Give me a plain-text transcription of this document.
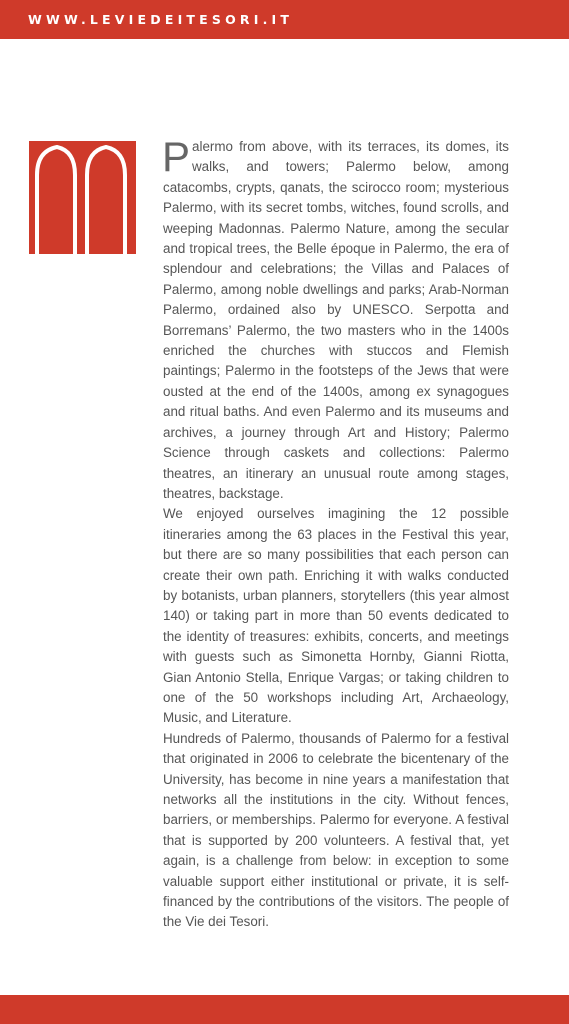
WWW.LEVIEDEITESORI.IT

Palermo from above, with its terraces, its domes, its walks, and towers; Palermo below, among catacombs, crypts, qanats, the scirocco room; mysterious Palermo, with its secret tombs, witches, found scrolls, and weeping Madonnas. Palermo Nature, among the secular and tropical trees, the Belle époque in Palermo, the era of splendour and celebrations; the Villas and Palaces of Palermo, among noble dwellings and parks; Arab-Norman Palermo, ordained also by UNESCO. Serpotta and Borremans’ Palermo, the two masters who in the 1400s enriched the churches with stuccos and Flemish paintings; Palermo in the footsteps of the Jews that were ousted at the end of the 1400s, among ex synagogues and ritual baths. And even Palermo and its museums and archives, a journey through Art and History; Palermo Science through caskets and collections: Palermo theatres, an itinerary an unusual route among stages, theatres, backstage.

We enjoyed ourselves imagining the 12 possible itineraries among the 63 places in the Festival this year, but there are so many possibilities that each person can create their own path. Enriching it with walks conducted by botanists, urban planners, storytellers (this year almost 140) or taking part in more than 50 events dedicated to the identity of treasures: exhibits, concerts, and meetings with guests such as Simonetta Hornby, Gianni Riotta, Gian Antonio Stella, Enrique Vargas; or taking children to one of the 50 workshops including Art, Archaeology, Music, and Literature.

Hundreds of Palermo, thousands of Palermo for a festival that originated in 2006 to celebrate the bicentenary of the University, has become in nine years a manifestation that networks all the institutions in the city. Without fences, barriers, or memberships. Palermo for everyone. A festival that is supported by 200 volunteers. A festival that, yet again, is a challenge from below: in exception to some valuable support either institutional or private, it is self-financed by the contributions of the visitors. The people of the Vie dei Tesori.
